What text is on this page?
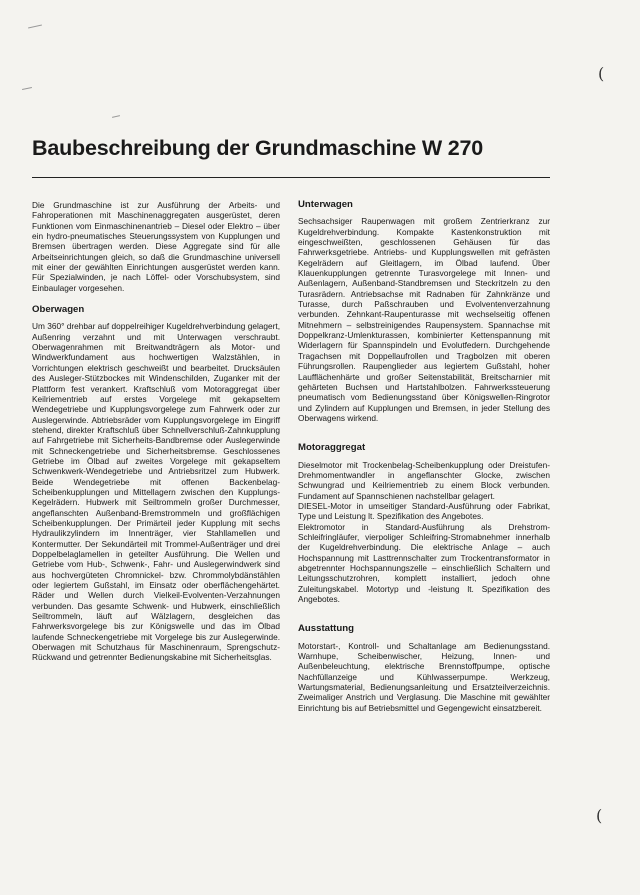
(
(
Baubeschreibung der Grundmaschine W 270

Die Grundmaschine ist zur Ausführung der Arbeits- und Fahroperationen mit Maschinenaggregaten ausgerüstet, deren Funktionen vom Einmaschinenantrieb – Diesel oder Elektro – über ein hydro-pneumatisches Steuerungssystem von Kupplungen und Bremsen übertragen werden. Diese Aggregate sind für alle Arbeitseinrichtungen gleich, so daß die Grundmaschine universell mit einer der gewählten Einrichtungen ausgerüstet werden kann. Für Spezialwinden, je nach Löffel- oder Vorschubsystem, sind Einbaulager vorgesehen.

Oberwagen

Um 360° drehbar auf doppelreihiger Kugeldrehverbindung gelagert, Außenring verzahnt und mit Unterwagen verschraubt. Oberwagenrahmen mit Breitwandträgern als Motor- und Windwerkfundament aus hochwertigen Walzstählen, in Vorrichtungen elektrisch geschweißt und bearbeitet. Drucksäulen des Ausleger-Stützbockes mit Windenschilden, Zuganker mit der Plattform fest verankert. Kraftschluß vom Motoraggregat über Keilriementrieb auf erstes Vorgelege mit gekapseltem Wendegetriebe und Kupplungsvorgelege zum Fahrwerk oder zur Auslegerwinde. Abtriebsräder vom Kupplungsvorgelege im Eingriff stehend, direkter Kraftschluß über Schnellverschluß-Zahnkupplung auf Fahrgetriebe mit Sicherheits-Bandbremse oder Auslegerwinde mit Schneckengetriebe und Sicherheitsbremse. Geschlossenes Getriebe im Ölbad auf zweites Vorgelege mit gekapseltem Schwenkwerk-Wendegetriebe und Antriebsritzel zum Hubwerk. Beide Wendegetriebe mit offenen Backenbelag-Scheibenkupplungen und Mittellagern zwischen den Kupplungs-Kegelrädern. Hubwerk mit Seiltrommeln großer Durchmesser, angeflanschten Außenband-Bremstrommeln und großflächigen Scheibenkupplungen. Der Primärteil jeder Kupplung mit sechs Hydraulikzylindern im Innenträger, vier Stahllamellen und Kontermutter. Der Sekundärteil mit Trommel-Außenträger und drei Doppelbelaglamellen in geteilter Ausführung. Die Wellen und Getriebe vom Hub-, Schwenk-, Fahr- und Auslegerwindwerk sind aus hochvergüteten Chromnickel- bzw. Chrommolybdänstählen oder legiertem Gußstahl, im Einsatz oder oberflächengehärtet. Räder und Wellen durch Vielkeil-Evolventen-Verzahnungen verbunden. Das gesamte Schwenk- und Hubwerk, einschließlich Seiltrommeln, läuft auf Wälzlagern, desgleichen das Fahrwerksvorgelege bis zur Königswelle und das im Ölbad laufende Schneckengetriebe mit Vorgelege bis zur Auslegerwinde. Oberwagen mit Schutzhaus für Maschinenraum, Sprengschutz-Rückwand und getrennter Bedienungskabine mit Sicherheitsglas.

Unterwagen

Sechsachsiger Raupenwagen mit großem Zentrierkranz zur Kugeldrehverbindung. Kompakte Kastenkonstruktion mit eingeschweißten, geschlossenen Gehäusen für das Fahrwerksgetriebe. Antriebs- und Kupplungswellen mit gefrästen Kegelrädern auf Gleitlagern, im Ölbad laufend. Über Klauenkupplungen getrennte Turasvorgelege mit Innen- und Außenlagern, Außenband-Standbremsen und Steckritzeln zu den Turasrädern. Antriebsachse mit Radnaben für Zahnkränze und Turasse, durch Paßschrauben und Evolventenverzahnung verbunden. Zehnkant-Raupenturasse mit wechselseitig offenen Mitnehmern – selbstreinigendes Raupensystem. Spannachse mit Doppelkranz-Umlenkturassen, kombinierter Kettenspannung mit Widerlagern für Spannspindeln und Evolutfedern. Durchgehende Tragachsen mit Doppellaufrollen und Tragbolzen mit oberen Führungsrollen. Raupenglieder aus legiertem Gußstahl, hoher Laufflächenhärte und großer Seitenstabilität, Breitscharnier mit gehärteten Buchsen und Hartstahlbolzen. Fahrwerkssteuerung pneumatisch vom Bedienungsstand über Königswellen-Ringrotor und Zylindern auf Kupplungen und Bremsen, in jeder Stellung des Oberwagens wirkend.

Motoraggregat

Dieselmotor mit Trockenbelag-Scheibenkupplung oder Dreistufen-Drehmomentwandler in angeflanschter Glocke, zwischen Schwungrad und Keilriementrieb zu einem Block verbunden. Fundament auf Spannschienen nachstellbar gelagert.

DIESEL-Motor in umseitiger Standard-Ausführung oder Fabrikat, Type und Leistung lt. Spezifikation des Angebotes.

Elektromotor in Standard-Ausführung als Drehstrom-Schleifringläufer, vierpoliger Schleifring-Stromabnehmer innerhalb der Kugeldrehverbindung. Die elektrische Anlage – auch Hochspannung mit Lasttrennschalter zum Trockentransformator in abgetrennter Hochspannungszelle – einschließlich Schaltern und Leitungsschutzrohren, komplett installiert, jedoch ohne Zuleitungskabel. Motortyp und -leistung lt. Spezifikation des Angebotes.

Ausstattung

Motorstart-, Kontroll- und Schaltanlage am Bedienungsstand. Warnhupe, Scheibenwischer, Heizung, Innen- und Außenbeleuchtung, elektrische Brennstoffpumpe, optische Nachfüllanzeige und Kühlwasserpumpe. Werkzeug, Wartungsmaterial, Bedienungsanleitung und Ersatzteilverzeichnis. Zweimaliger Anstrich und Verglasung. Die Maschine mit gewählter Einrichtung bis auf Betriebsmittel und Gegengewicht einsatzbereit.
